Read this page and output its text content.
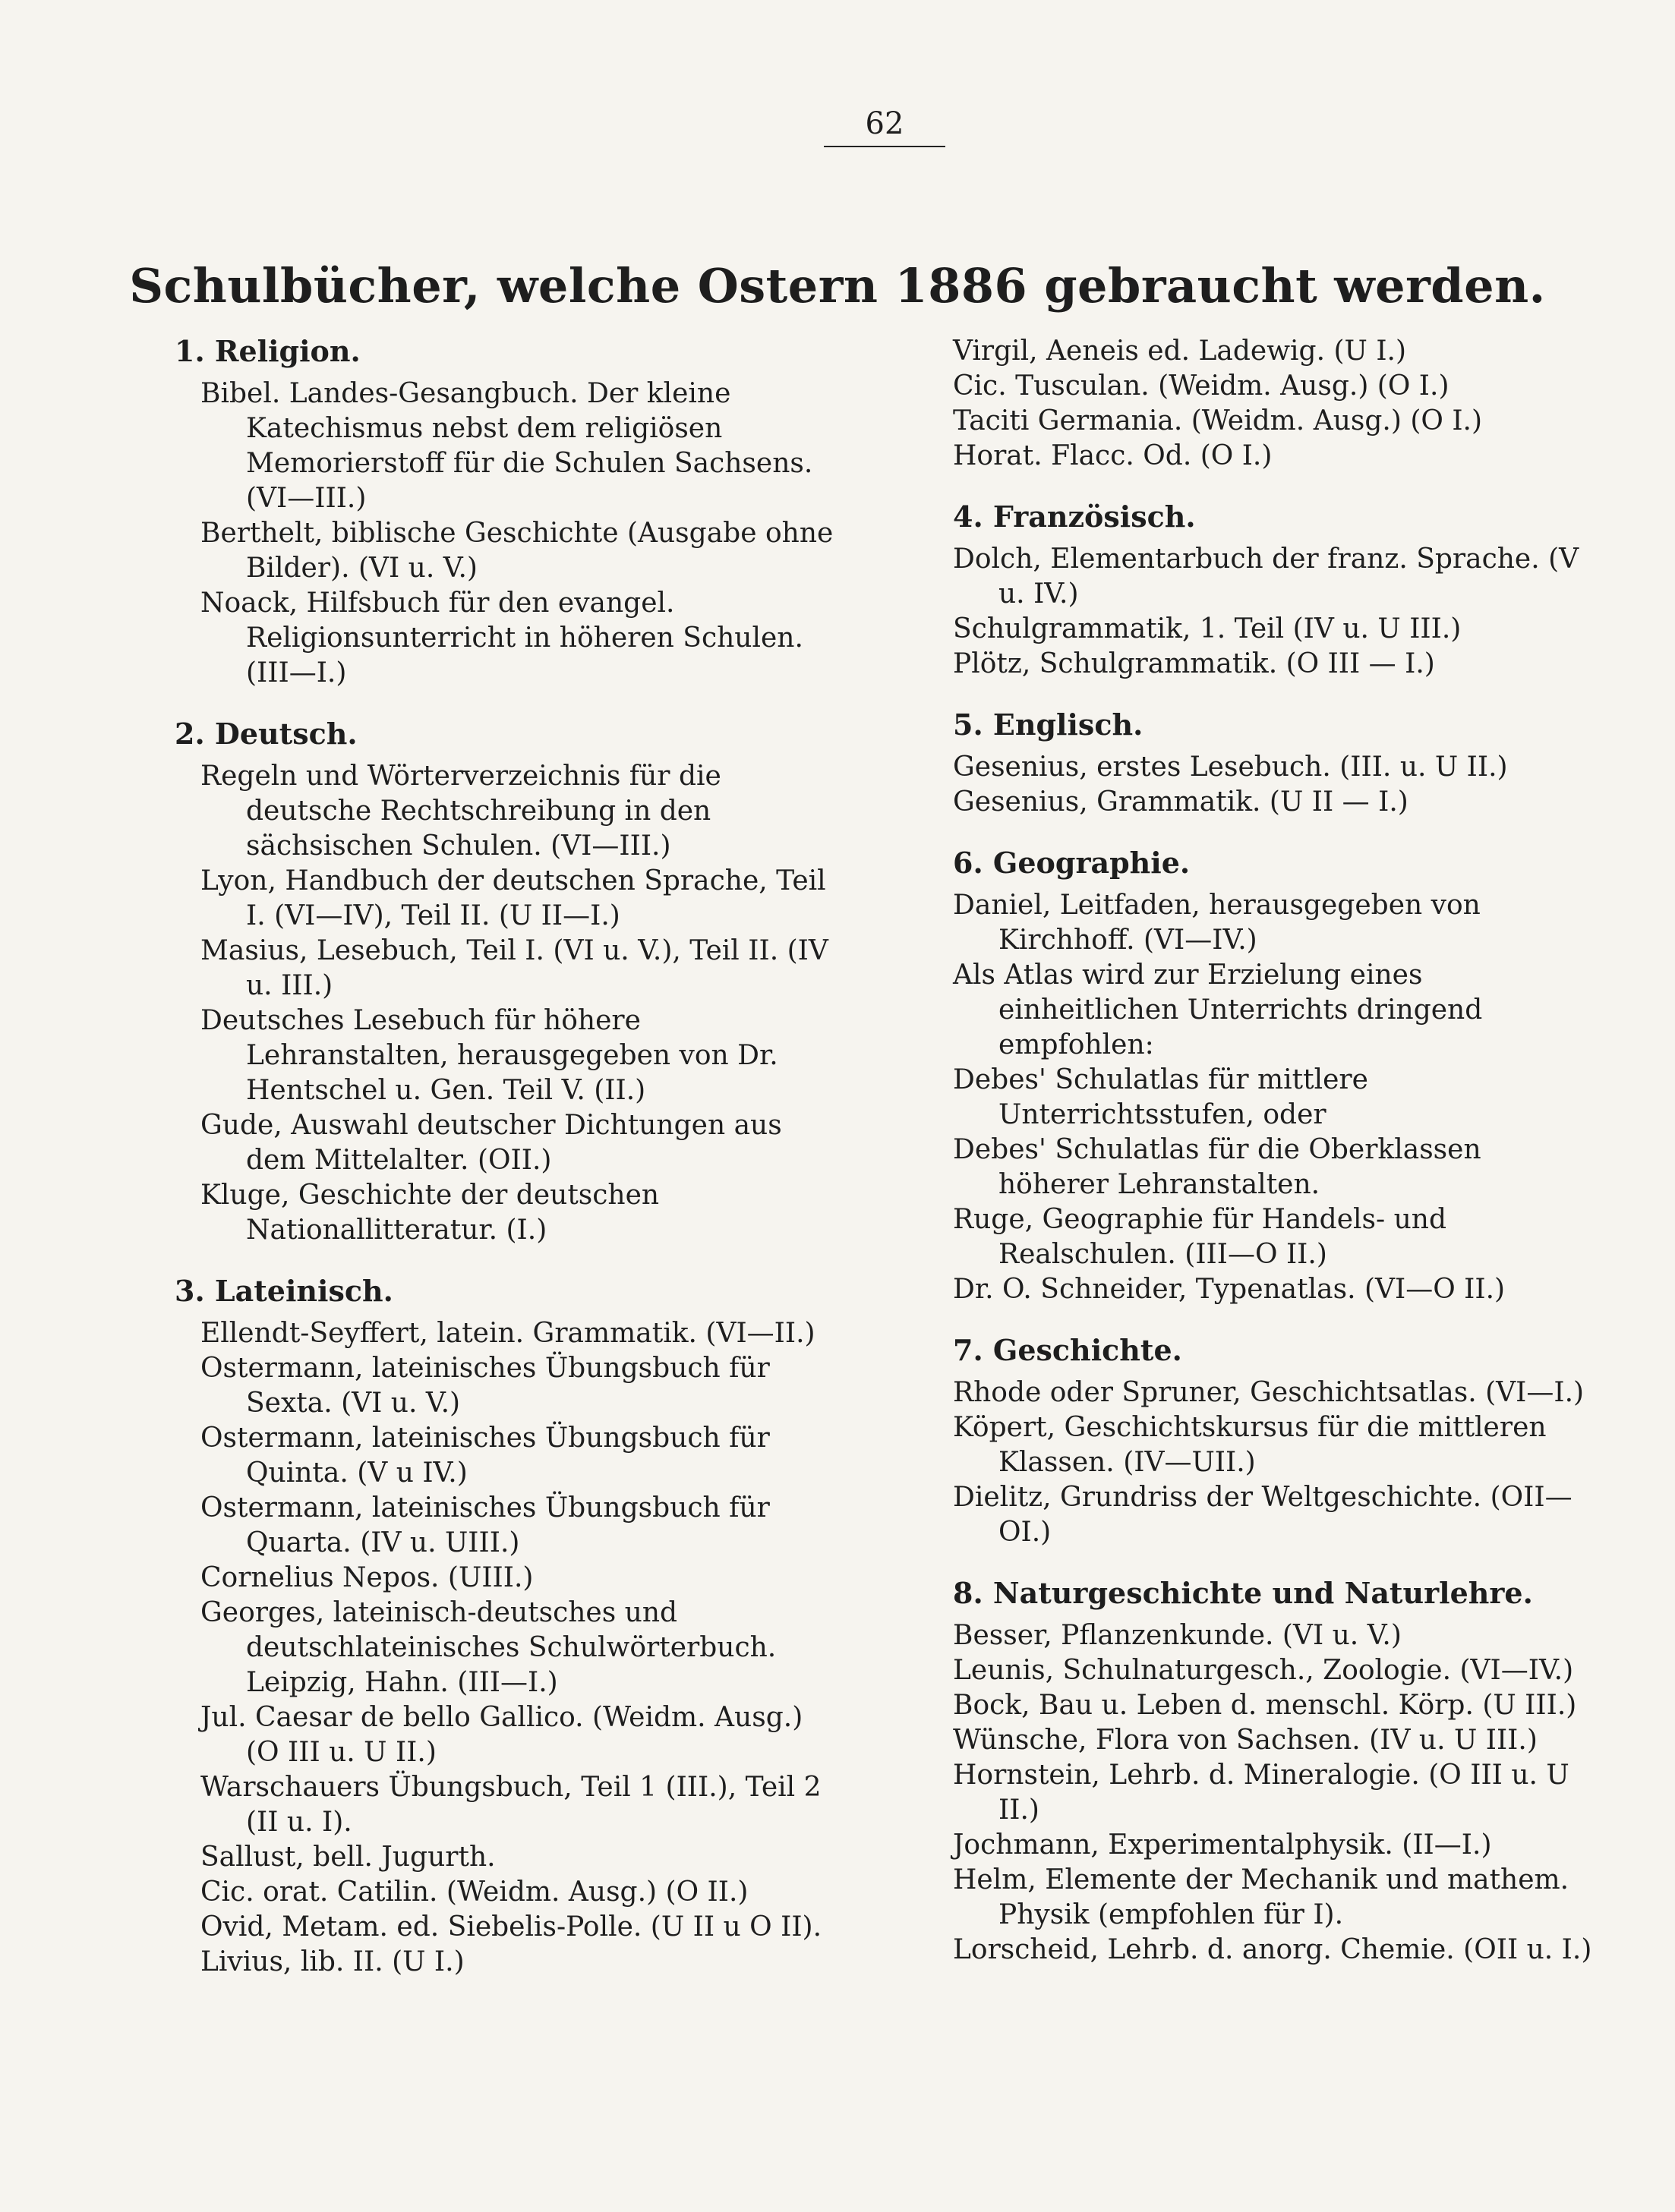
62

Schulbücher, welche Ostern 1886 gebraucht werden.
1. Religion.
Bibel. Landes-Gesangbuch. Der kleine Katechismus nebst dem religiösen Memorierstoff für die Schulen Sachsens. (VI—III.)
Berthelt, biblische Geschichte (Ausgabe ohne Bilder). (VI u. V.)
Noack, Hilfsbuch für den evangel. Religionsunterricht in höheren Schulen. (III—I.)
2. Deutsch.
Regeln und Wörterverzeichnis für die deutsche Rechtschreibung in den sächsischen Schulen. (VI—III.)
Lyon, Handbuch der deutschen Sprache, Teil I. (VI—IV), Teil II. (U II—I.)
Masius, Lesebuch, Teil I. (VI u. V.), Teil II. (IV u. III.)
Deutsches Lesebuch für höhere Lehranstalten, herausgegeben von Dr. Hentschel u. Gen. Teil V. (II.)
Gude, Auswahl deutscher Dichtungen aus dem Mittelalter. (OII.)
Kluge, Geschichte der deutschen Nationallitteratur. (I.)
3. Lateinisch.
Ellendt-Seyffert, latein. Grammatik. (VI—II.)
Ostermann, lateinisches Übungsbuch für Sexta. (VI u. V.)
Ostermann, lateinisches Übungsbuch für Quinta. (V u IV.)
Ostermann, lateinisches Übungsbuch für Quarta. (IV u. UIII.)
Cornelius Nepos. (UIII.)
Georges, lateinisch-deutsches und deutschlateinisches Schulwörterbuch. Leipzig, Hahn. (III—I.)
Jul. Caesar de bello Gallico. (Weidm. Ausg.) (O III u. U II.)
Warschauers Übungsbuch, Teil 1 (III.), Teil 2 (II u. I).
Sallust, bell. Jugurth.
Cic. orat. Catilin. (Weidm. Ausg.) (O II.)
Ovid, Metam. ed. Siebelis-Polle. (U II u O II).
Livius, lib. II. (U I.)
Virgil, Aeneis ed. Ladewig. (U I.)
Cic. Tusculan. (Weidm. Ausg.) (O I.)
Taciti Germania. (Weidm. Ausg.) (O I.)
Horat. Flacc. Od. (O I.)
4. Französisch.
Dolch, Elementarbuch der franz. Sprache. (V u. IV.)
Schulgrammatik, 1. Teil (IV u. U III.)
Plötz, Schulgrammatik. (O III — I.)
5. Englisch.
Gesenius, erstes Lesebuch. (III. u. U II.)
Gesenius, Grammatik. (U II — I.)
6. Geographie.
Daniel, Leitfaden, herausgegeben von Kirchhoff. (VI—IV.)
Als Atlas wird zur Erzielung eines einheitlichen Unterrichts dringend empfohlen:
Debes' Schulatlas für mittlere Unterrichtsstufen, oder
Debes' Schulatlas für die Oberklassen höherer Lehranstalten.
Ruge, Geographie für Handels- und Realschulen. (III—O II.)
Dr. O. Schneider, Typenatlas. (VI—O II.)
7. Geschichte.
Rhode oder Spruner, Geschichtsatlas. (VI—I.)
Köpert, Geschichtskursus für die mittleren Klassen. (IV—UII.)
Dielitz, Grundriss der Weltgeschichte. (OII—OI.)
8. Naturgeschichte und Naturlehre.
Besser, Pflanzenkunde. (VI u. V.)
Leunis, Schulnaturgesch., Zoologie. (VI—IV.)
Bock, Bau u. Leben d. menschl. Körp. (U III.)
Wünsche, Flora von Sachsen. (IV u. U III.)
Hornstein, Lehrb. d. Mineralogie. (O III u. U II.)
Jochmann, Experimentalphysik. (II—I.)
Helm, Elemente der Mechanik und mathem. Physik (empfohlen für I).
Lorscheid, Lehrb. d. anorg. Chemie. (OII u. I.)
